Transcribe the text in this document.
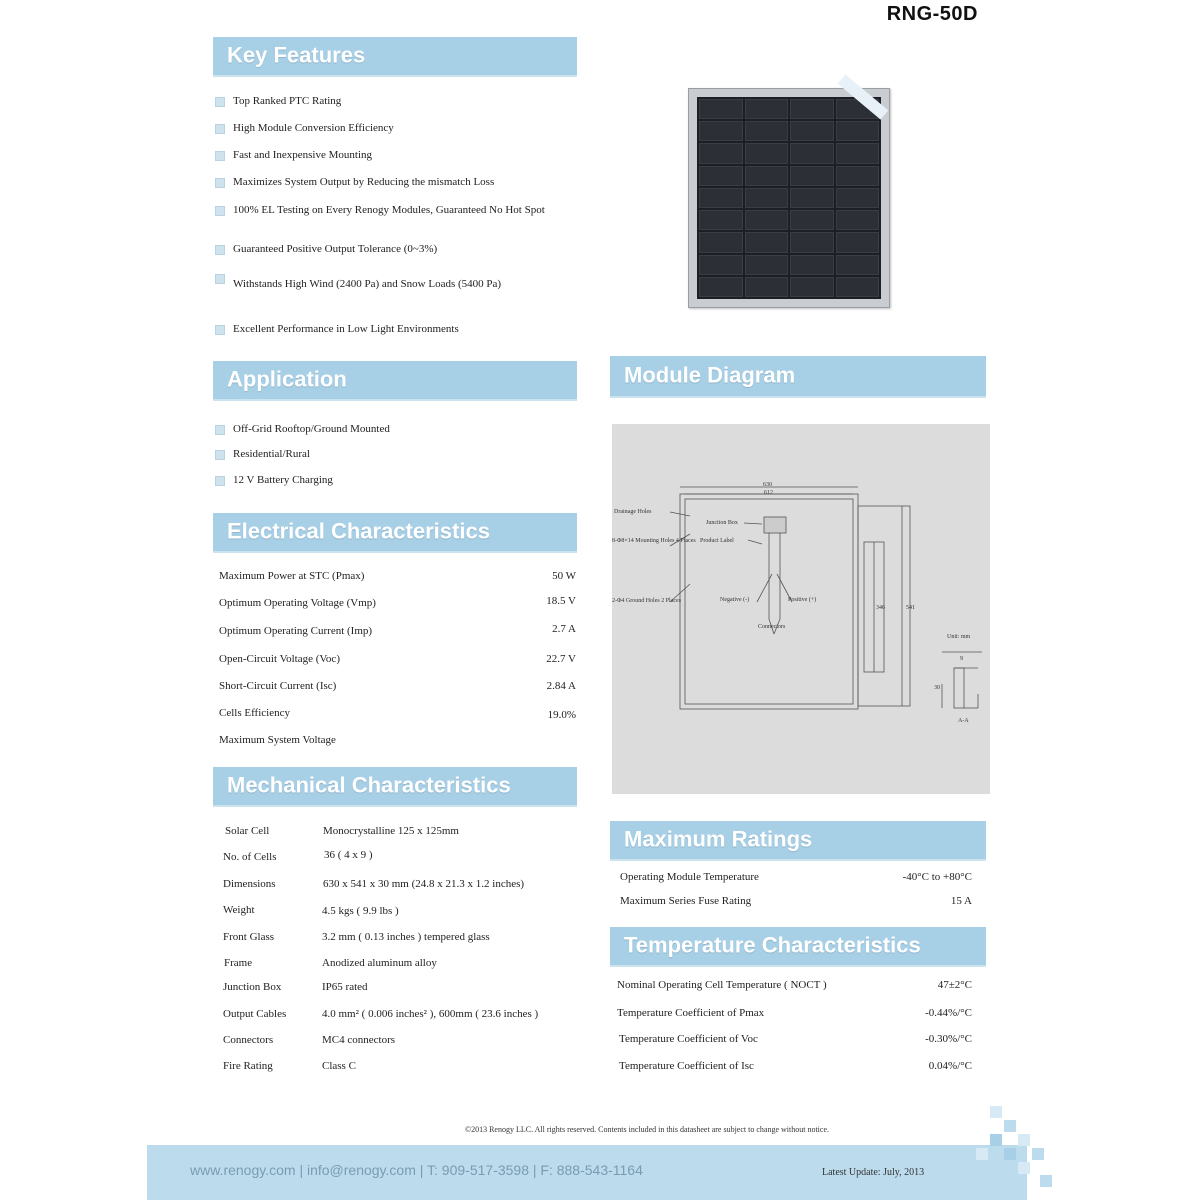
RNG-50D
Key Features
Top Ranked PTC Rating
High Module Conversion Efficiency
Fast and Inexpensive Mounting
Maximizes System Output by Reducing the mismatch Loss
100% EL Testing on Every Renogy Modules, Guaranteed No Hot Spot
Guaranteed Positive Output Tolerance (0~3%)
Withstands High Wind (2400 Pa) and Snow Loads (5400 Pa)
Excellent Performance in Low Light Environments
Application
Off-Grid Rooftop/Ground Mounted
Residential/Rural
12 V Battery Charging
Electrical Characteristics
Maximum Power at STC (Pmax)	50 W
Optimum Operating Voltage (Vmp)	18.5 V
Optimum Operating Current (Imp)	2.7 A
Open-Circuit Voltage (Voc)	22.7 V
Short-Circuit Current (Isc)	2.84 A
Cells Efficiency	19.0%
Maximum System Voltage
Mechanical Characteristics
Solar Cell	Monocrystalline 125 x 125mm
No. of Cells	36 ( 4 x 9 )
Dimensions	630 x 541 x 30 mm (24.8 x 21.3 x 1.2 inches)
Weight	4.5 kgs ( 9.9 lbs )
Front Glass	3.2 mm ( 0.13 inches ) tempered glass
Frame	Anodized aluminum alloy
Junction Box	IP65 rated
Output Cables	4.0 mm² ( 0.006 inches² ), 600mm ( 23.6 inches )
Connectors	MC4 connectors
Fire Rating	Class C
Module Diagram
Drainage Holes
8-Φ8×14 Mounting Holes 4 Places
2-Φ4 Ground Holes 2 Places
Junction Box
Product Label
Negative (-)	Positive (+)
Connectors
Unit: mm
630
612
541
346
A-A
30
9
Maximum Ratings
Operating Module Temperature	-40°C to +80°C
Maximum Series Fuse Rating	15 A
Temperature Characteristics
Nominal Operating Cell Temperature ( NOCT )	47±2°C
Temperature Coefficient of Pmax	-0.44%/°C
Temperature Coefficient of Voc	-0.30%/°C
Temperature Coefficient of Isc	0.04%/°C
©2013 Renogy LLC. All rights reserved. Contents included in this datasheet are subject to change without notice.
www.renogy.com | info@renogy.com | T: 909-517-3598 | F: 888-543-1164	Latest Update: July, 2013
